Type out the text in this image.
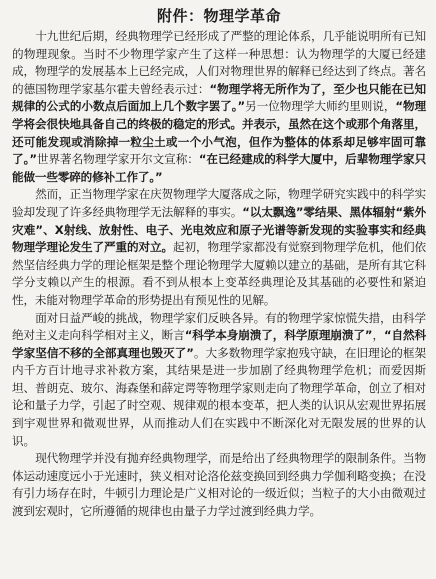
附件：物理学革命

十九世纪后期，经典物理学已经形成了严整的理论体系，几乎能说明所有已知的物理现象。当时不少物理学家产生了这样一种思想：认为物理学的大厦已经建成，物理学的发展基本上已经完成，人们对物理世界的解释已经达到了终点。著名的德国物理学家基尔霍夫曾经表示过：“物理学将无所作为了，至少也只能在已知规律的公式的小数点后面加上几个数字罢了。”另一位物理学大师约里则说，“物理学将会很快地具备自己的终极的稳定的形式。并表示，虽然在这个或那个角落里，还可能发现或消除掉一粒尘土或一个小气泡，但作为整体的体系却足够牢固可靠了。”世界著名物理学家开尔文宣称：“在已经建成的科学大厦中，后辈物理学家只能做一些零碎的修补工作了。”

然而，正当物理学家在庆贺物理学大厦落成之际，物理学研究实践中的科学实验却发现了许多经典物理学无法解释的事实。“以太飘逸”零结果、黑体辐射“紫外灾难”、X射线、放射性、电子、光电效应和原子光谱等新发现的实验事实和经典物理学理论发生了严重的对立。起初，物理学家都没有觉察到物理学危机，他们依然坚信经典力学的理论框架是整个理论物理学大厦赖以建立的基础，是所有其它科学分支赖以产生的根源。看不到从根本上变革经典理论及其基础的必要性和紧迫性，未能对物理学革命的形势提出有预见性的见解。

面对日益严峻的挑战，物理学家们反映各异。有的物理学家惊慌失措，由科学绝对主义走向科学相对主义，断言“科学本身崩溃了，科学原理崩溃了”，“自然科学家坚信不移的全部真理也毁灭了”。大多数物理学家抱残守缺，在旧理论的框架内千方百计地寻求补救方案，其结果是进一步加剧了经典物理学危机；而爱因斯坦、普朗克、玻尔、海森堡和薛定谔等物理学家则走向了物理学革命，创立了相对论和量子力学，引起了时空观、规律观的根本变革，把人类的认识从宏观世界拓展到宇观世界和微观世界，从而推动人们在实践中不断深化对无限发展的世界的认识。

现代物理学并没有抛弃经典物理学，而是给出了经典物理学的限制条件。当物体运动速度远小于光速时，狭义相对论洛伦兹变换回到经典力学伽利略变换；在没有引力场存在时，牛顿引力理论是广义相对论的一级近似；当粒子的大小由微观过渡到宏观时，它所遵循的规律也由量子力学过渡到经典力学。
